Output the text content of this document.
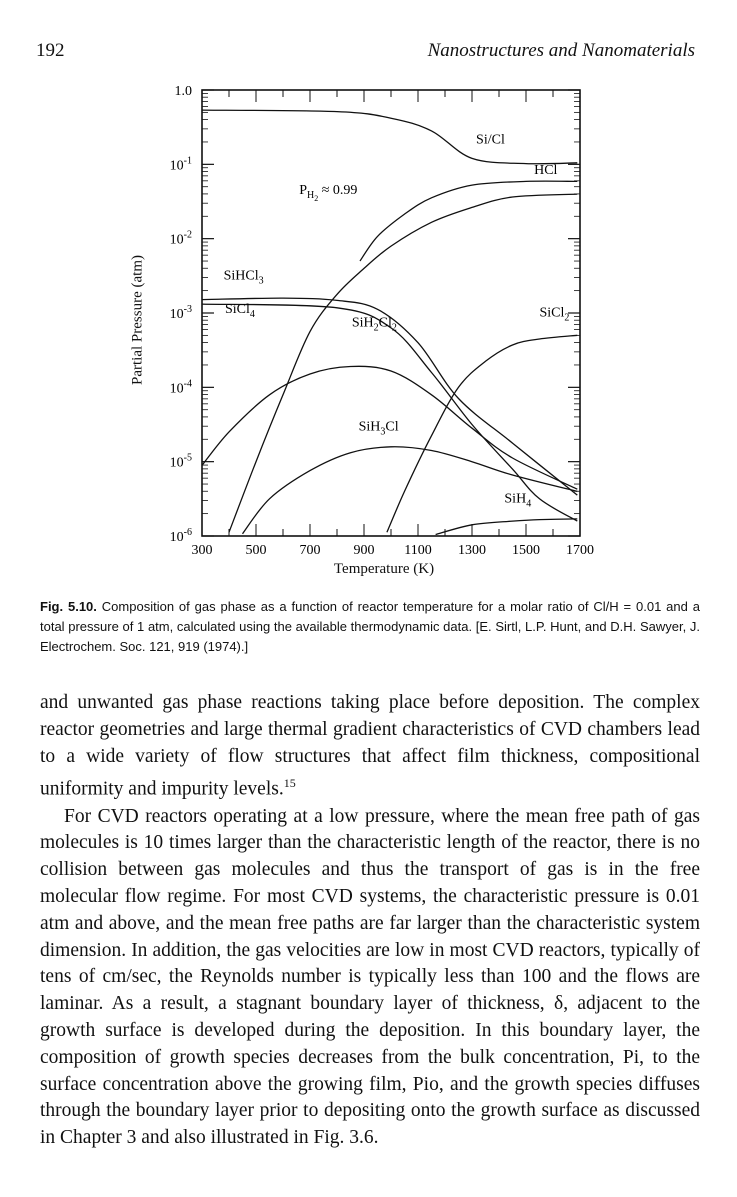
192	Nanostructures and Nanomaterials
Si/Cl
HCl
SiHCl$_3$
SiCl$_4$
$SiH_2Cl_2$
SiCl$_2$
SiH$_3$Cl
SiH$_4$
$P_{H2} \approx 0.99$
1.0
$10^{-1}$
$10^{-2}$
$10^{-3}$
$10^{-4}$
$10^{-5}$
$10^{-6}$
300 500 700 900 1100 1300 1500 1700
Partial Pressure (atm)
Temperature (K)
Fig. 5.10. Composition of gas phase as a function of reactor temperature for a molar ratio of Cl/H = 0.01 and a total pressure of 1 atm, calculated using the available thermodynamic data. [E. Sirtl, L.P. Hunt, and D.H. Sawyer, J. Electrochem. Soc. 121, 919 (1974).]

and unwanted gas phase reactions taking place before deposition. The complex reactor geometries and large thermal gradient characteristics of CVD chambers lead to a wide variety of flow structures that affect film thickness, compositional uniformity and impurity levels.$^{15}$

For CVD reactors operating at a low pressure, where the mean free path of gas molecules is 10 times larger than the characteristic length of the reactor, there is no collision between gas molecules and thus the transport of gas is in the free molecular flow regime. For most CVD systems, the characteristic pressure is 0.01 atm and above, and the mean free paths are far larger than the characteristic system dimension. In addition, the gas velocities are low in most CVD reactors, typically of tens of cm/sec, the Reynolds number is typically less than 100 and the flows are laminar. As a result, a stagnant boundary layer of thickness, δ, adjacent to the growth surface is developed during the deposition. In this boundary layer, the composition of growth species decreases from the bulk concentration, Pi, to the surface concentration above the growing film, Pio, and the growth species diffuses through the boundary layer prior to depositing onto the growth surface as discussed in Chapter 3 and also illustrated in Fig. 3.6.
